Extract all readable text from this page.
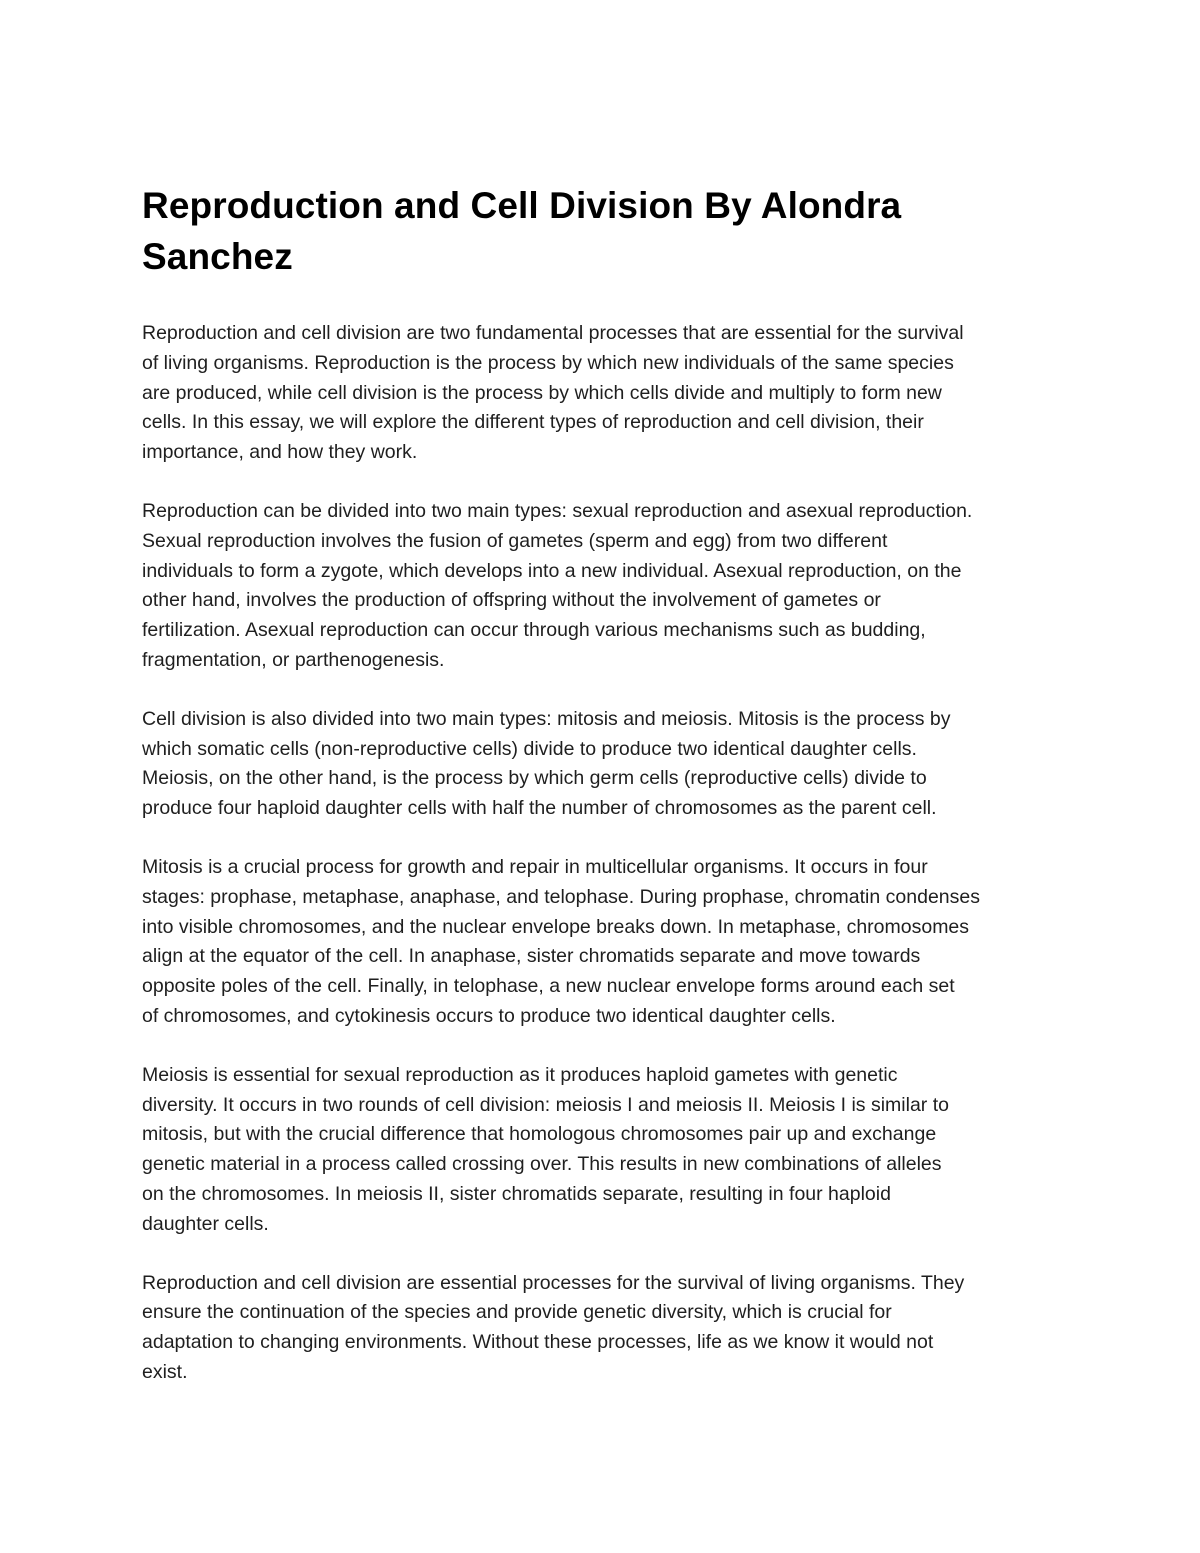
Reproduction and Cell Division By Alondra
Sanchez

Reproduction and cell division are two fundamental processes that are essential for the survival
of living organisms. Reproduction is the process by which new individuals of the same species
are produced, while cell division is the process by which cells divide and multiply to form new
cells. In this essay, we will explore the different types of reproduction and cell division, their
importance, and how they work.

Reproduction can be divided into two main types: sexual reproduction and asexual reproduction.
Sexual reproduction involves the fusion of gametes (sperm and egg) from two different
individuals to form a zygote, which develops into a new individual. Asexual reproduction, on the
other hand, involves the production of offspring without the involvement of gametes or
fertilization. Asexual reproduction can occur through various mechanisms such as budding,
fragmentation, or parthenogenesis.

Cell division is also divided into two main types: mitosis and meiosis. Mitosis is the process by
which somatic cells (non-reproductive cells) divide to produce two identical daughter cells.
Meiosis, on the other hand, is the process by which germ cells (reproductive cells) divide to
produce four haploid daughter cells with half the number of chromosomes as the parent cell.

Mitosis is a crucial process for growth and repair in multicellular organisms. It occurs in four
stages: prophase, metaphase, anaphase, and telophase. During prophase, chromatin condenses
into visible chromosomes, and the nuclear envelope breaks down. In metaphase, chromosomes
align at the equator of the cell. In anaphase, sister chromatids separate and move towards
opposite poles of the cell. Finally, in telophase, a new nuclear envelope forms around each set
of chromosomes, and cytokinesis occurs to produce two identical daughter cells.

Meiosis is essential for sexual reproduction as it produces haploid gametes with genetic
diversity. It occurs in two rounds of cell division: meiosis I and meiosis II. Meiosis I is similar to
mitosis, but with the crucial difference that homologous chromosomes pair up and exchange
genetic material in a process called crossing over. This results in new combinations of alleles
on the chromosomes. In meiosis II, sister chromatids separate, resulting in four haploid
daughter cells.

Reproduction and cell division are essential processes for the survival of living organisms. They
ensure the continuation of the species and provide genetic diversity, which is crucial for
adaptation to changing environments. Without these processes, life as we know it would not
exist.
